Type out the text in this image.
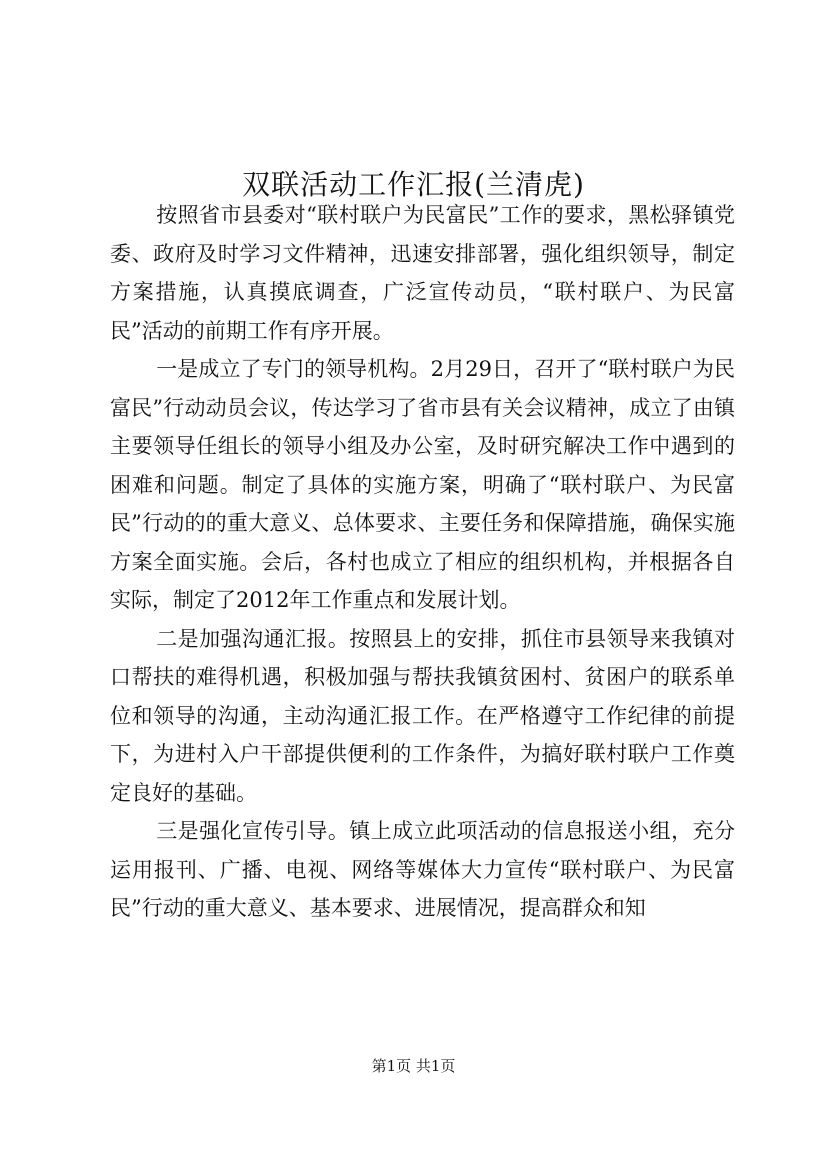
双联活动工作汇报(兰清虎)

按照省市县委对“联村联户为民富民”工作的要求，黑松驿镇党委、政府及时学习文件精神，迅速安排部署，强化组织领导，制定方案措施，认真摸底调查，广泛宣传动员，“联村联户、为民富民”活动的前期工作有序开展。

一是成立了专门的领导机构。2月29日，召开了“联村联户为民富民”行动动员会议，传达学习了省市县有关会议精神，成立了由镇主要领导任组长的领导小组及办公室，及时研究解决工作中遇到的困难和问题。制定了具体的实施方案，明确了“联村联户、为民富民”行动的的重大意义、总体要求、主要任务和保障措施，确保实施方案全面实施。会后，各村也成立了相应的组织机构，并根据各自实际，制定了2012年工作重点和发展计划。

二是加强沟通汇报。按照县上的安排，抓住市县领导来我镇对口帮扶的难得机遇，积极加强与帮扶我镇贫困村、贫困户的联系单位和领导的沟通，主动沟通汇报工作。在严格遵守工作纪律的前提下，为进村入户干部提供便利的工作条件，为搞好联村联户工作奠定良好的基础。

三是强化宣传引导。镇上成立此项活动的信息报送小组，充分运用报刊、广播、电视、网络等媒体大力宣传“联村联户、为民富民”行动的重大意义、基本要求、进展情况，提高群众和知

第1页 共1页
